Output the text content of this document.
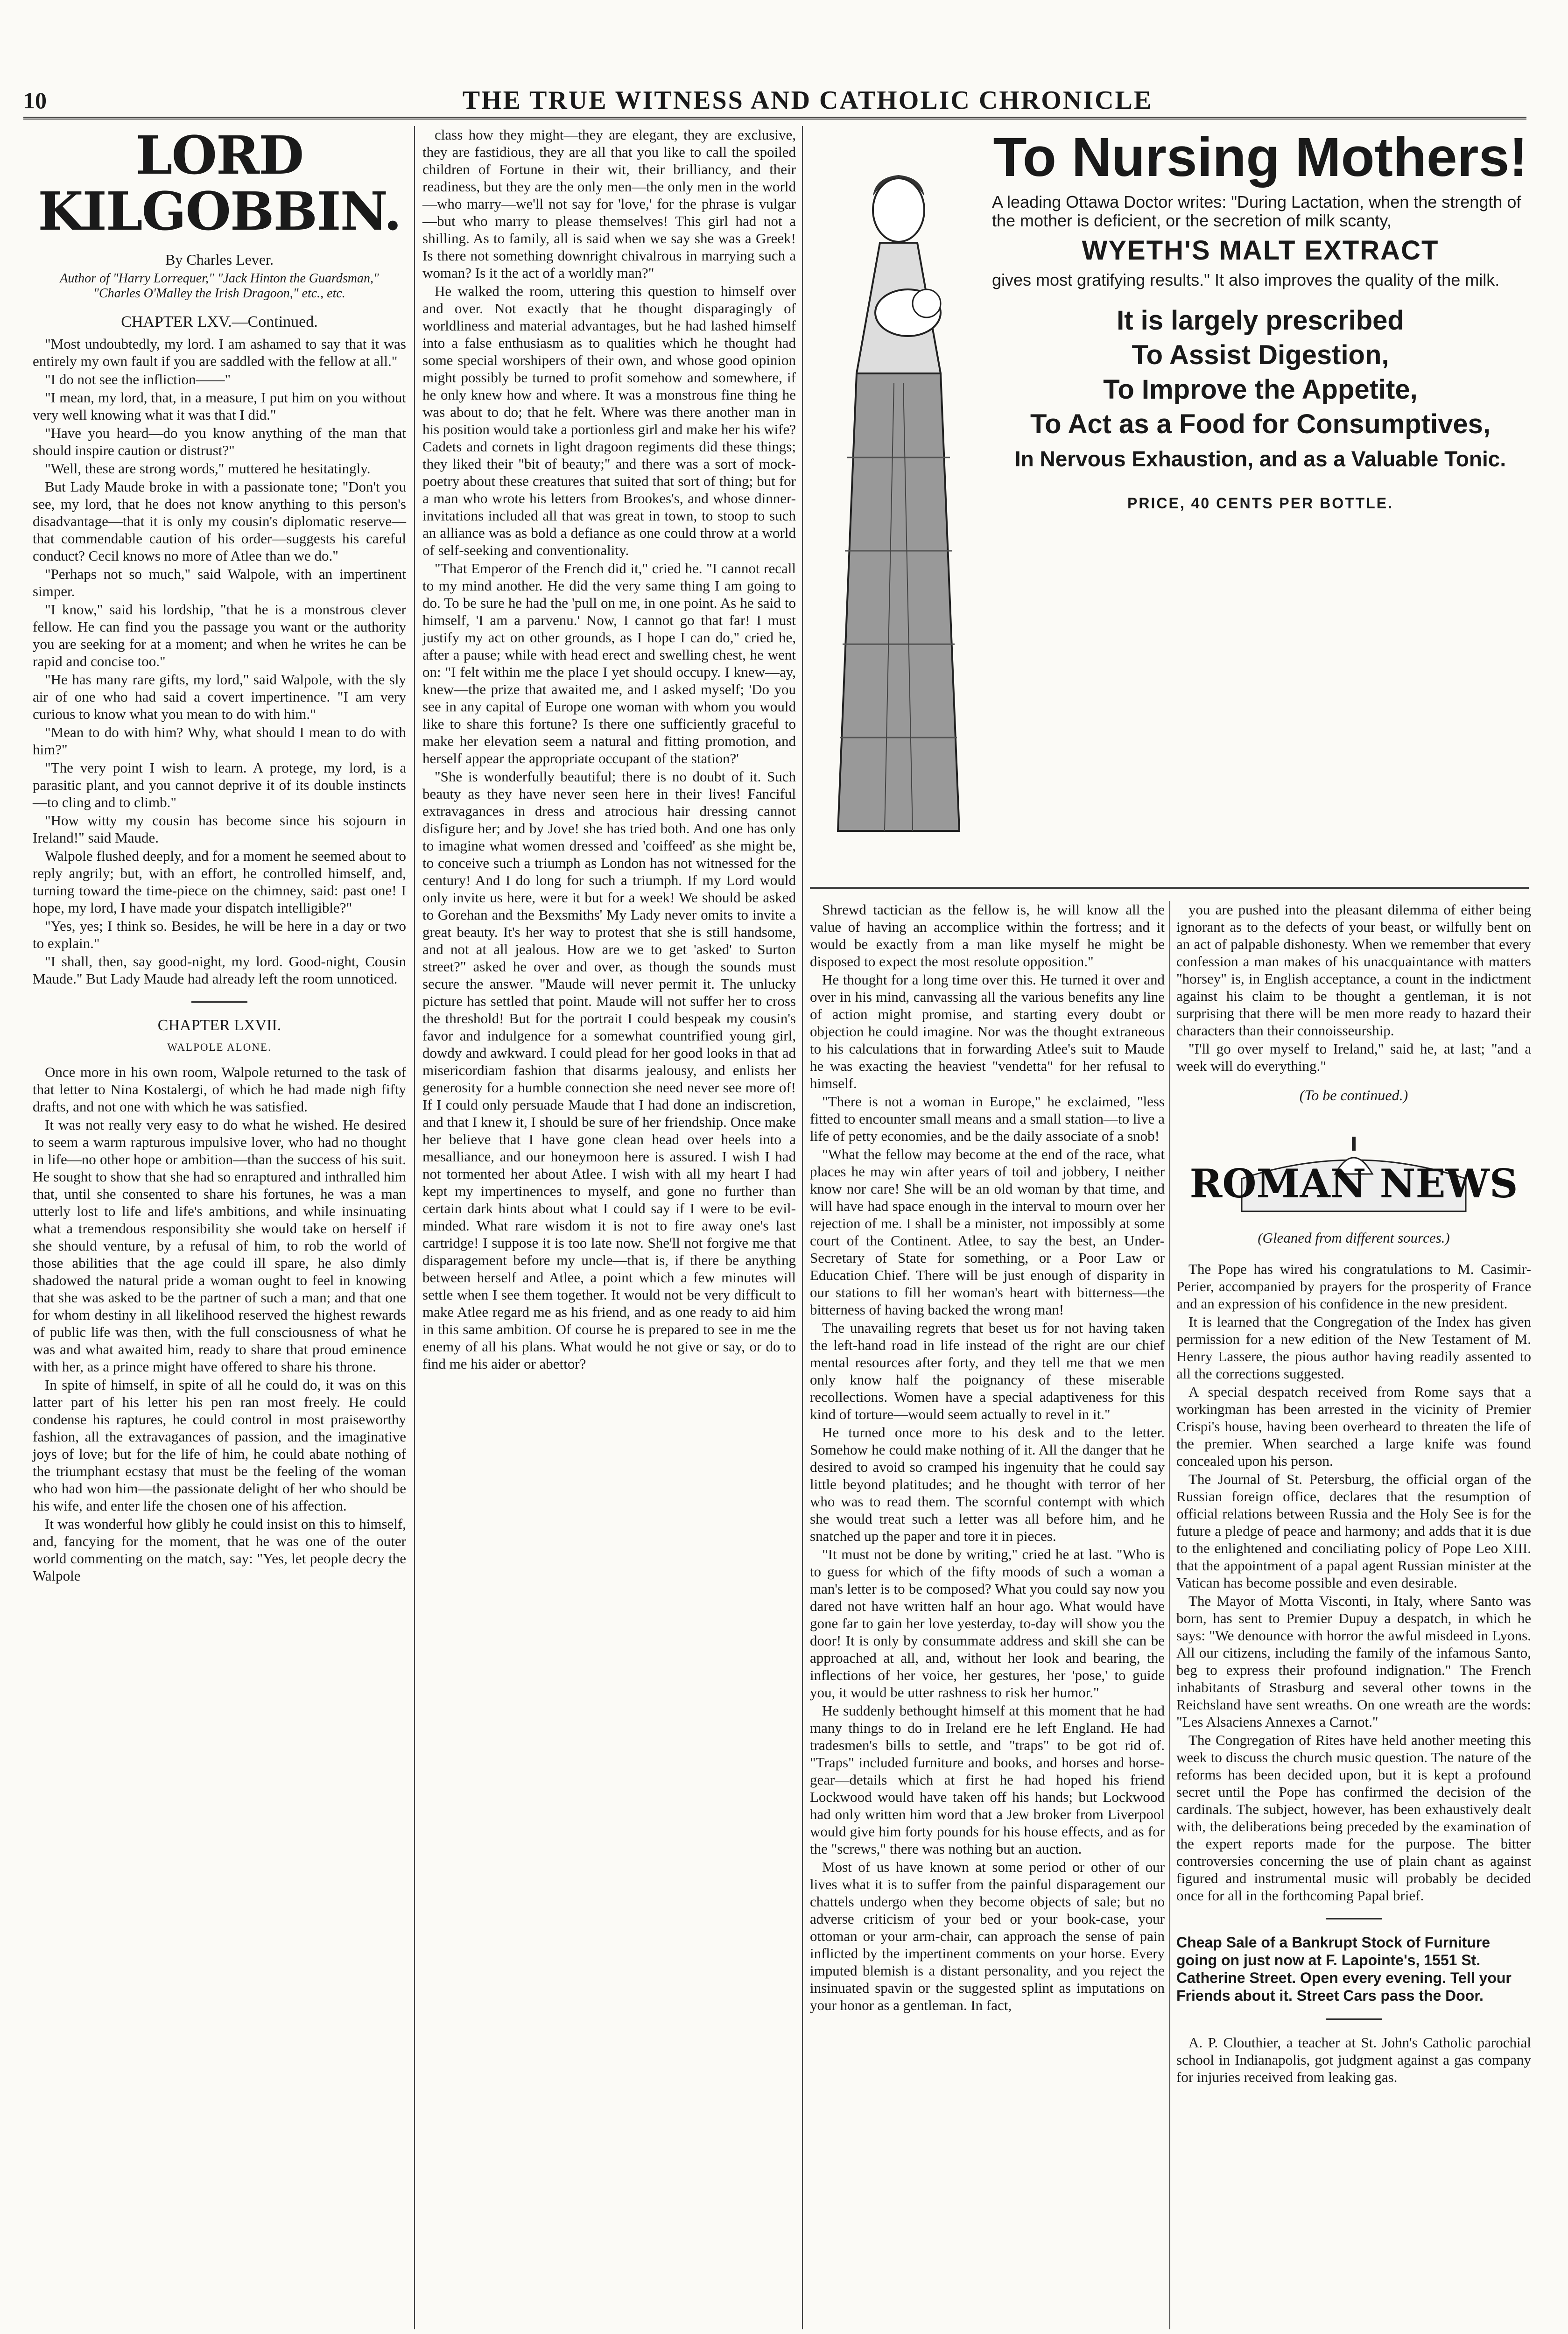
10	THE TRUE WITNESS AND CATHOLIC CHRONICLE
LORD KILGOBBIN.
By Charles Lever.
Author of "Harry Lorrequer," "Jack Hinton the Guardsman," "Charles O'Malley the Irish Dragoon," etc., etc.
CHAPTER LXV.—Continued.

"Most undoubtedly, my lord. I am ashamed to say that it was entirely my own fault if you are saddled with the fellow at all."

"I do not see the infliction——"

"I mean, my lord, that, in a measure, I put him on you without very well knowing what it was that I did."

"Have you heard—do you know anything of the man that should inspire caution or distrust?"

"Well, these are strong words," muttered he hesitatingly.

But Lady Maude broke in with a passionate tone; "Don't you see, my lord, that he does not know anything to this person's disadvantage—that it is only my cousin's diplomatic reserve—that commendable caution of his order—suggests his careful conduct? Cecil knows no more of Atlee than we do."

"Perhaps not so much," said Walpole, with an impertinent simper.

"I know," said his lordship, "that he is a monstrous clever fellow. He can find you the passage you want or the authority you are seeking for at a moment; and when he writes he can be rapid and concise too."

"He has many rare gifts, my lord," said Walpole, with the sly air of one who had said a covert impertinence. "I am very curious to know what you mean to do with him."

"Mean to do with him? Why, what should I mean to do with him?"

"The very point I wish to learn. A protege, my lord, is a parasitic plant, and you cannot deprive it of its double instincts—to cling and to climb."

"How witty my cousin has become since his sojourn in Ireland!" said Maude.

Walpole flushed deeply, and for a moment he seemed about to reply angrily; but, with an effort, he controlled himself, and, turning toward the time-piece on the chimney, said: past one! I hope, my lord, I have made your dispatch intelligible?"

"Yes, yes; I think so. Besides, he will be here in a day or two to explain."

"I shall, then, say good-night, my lord. Good-night, Cousin Maude." But Lady Maude had already left the room unnoticed.

CHAPTER LXVII.
WALPOLE ALONE.

Once more in his own room, Walpole returned to the task of that letter to Nina Kostalergi, of which he had made nigh fifty drafts, and not one with which he was satisfied.

It was not really very easy to do what he wished. He desired to seem a warm rapturous impulsive lover, who had no thought in life—no other hope or ambition—than the success of his suit. He sought to show that she had so enraptured and inthralled him that, until she consented to share his fortunes, he was a man utterly lost to life and life's ambitions, and while insinuating what a tremendous responsibility she would take on herself if she should venture, by a refusal of him, to rob the world of those abilities that the age could ill spare, he also dimly shadowed the natural pride a woman ought to feel in knowing that she was asked to be the partner of such a man; and that one for whom destiny in all likelihood reserved the highest rewards of public life was then, with the full consciousness of what he was and what awaited him, ready to share that proud eminence with her, as a prince might have offered to share his throne.

In spite of himself, in spite of all he could do, it was on this latter part of his letter his pen ran most freely. He could condense his raptures, he could control in most praiseworthy fashion, all the extravagances of passion, and the imaginative joys of love; but for the life of him, he could abate nothing of the triumphant ecstasy that must be the feeling of the woman who had won him—the passionate delight of her who should be his wife, and enter life the chosen one of his affection.

It was wonderful how glibly he could insist on this to himself, and, fancying for the moment, that he was one of the outer world commenting on the match, say: "Yes, let people decry the Walpole

class how they might—they are elegant, they are exclusive, they are fastidious, they are all that you like to call the spoiled children of Fortune in their wit, their brilliancy, and their readiness, but they are the only men—the only men in the world—who marry—we'll not say for 'love,' for the phrase is vulgar—but who marry to please themselves! This girl had not a shilling. As to family, all is said when we say she was a Greek! Is there not something downright chivalrous in marrying such a woman? Is it the act of a worldly man?"

He walked the room, uttering this question to himself over and over. Not exactly that he thought disparagingly of worldliness and material advantages, but he had lashed himself into a false enthusiasm as to qualities which he thought had some special worshipers of their own, and whose good opinion might possibly be turned to profit somehow and somewhere, if he only knew how and where. It was a monstrous fine thing he was about to do; that he felt. Where was there another man in his position would take a portionless girl and make her his wife? Cadets and cornets in light dragoon regiments did these things; they liked their "bit of beauty;" and there was a sort of mock-poetry about these creatures that suited that sort of thing; but for a man who wrote his letters from Brookes's, and whose dinner-invitations included all that was great in town, to stoop to such an alliance was as bold a defiance as one could throw at a world of self-seeking and conventionality.

"That Emperor of the French did it," cried he. "I cannot recall to my mind another. He did the very same thing I am going to do. To be sure he had the 'pull on me, in one point. As he said to himself, 'I am a parvenu.' Now, I cannot go that far! I must justify my act on other grounds, as I hope I can do," cried he, after a pause; while with head erect and swelling chest, he went on: "I felt within me the place I yet should occupy. I knew—ay, knew—the prize that awaited me, and I asked myself; 'Do you see in any capital of Europe one woman with whom you would like to share this fortune? Is there one sufficiently graceful to make her elevation seem a natural and fitting promotion, and herself appear the appropriate occupant of the station?'

"She is wonderfully beautiful; there is no doubt of it. Such beauty as they have never seen here in their lives! Fanciful extravagances in dress and atrocious hair dressing cannot disfigure her; and by Jove! she has tried both. And one has only to imagine what women dressed and 'coiffeed' as she might be, to conceive such a triumph as London has not witnessed for the century! And I do long for such a triumph. If my Lord would only invite us here, were it but for a week! We should be asked to Gorehan and the Bexsmiths' My Lady never omits to invite a great beauty. It's her way to protest that she is still handsome, and not at all jealous. How are we to get 'asked' to Surton street?" asked he over and over, as though the sounds must secure the answer. "Maude will never permit it. The unlucky picture has settled that point. Maude will not suffer her to cross the threshold! But for the portrait I could bespeak my cousin's favor and indulgence for a somewhat countrified young girl, dowdy and awkward. I could plead for her good looks in that ad misericordiam fashion that disarms jealousy, and enlists her generosity for a humble connection she need never see more of! If I could only persuade Maude that I had done an indiscretion, and that I knew it, I should be sure of her friendship. Once make her believe that I have gone clean head over heels into a mesalliance, and our honeymoon here is assured. I wish I had not tormented her about Atlee. I wish with all my heart I had kept my impertinences to myself, and gone no further than certain dark hints about what I could say if I were to be evil-minded. What rare wisdom it is not to fire away one's last cartridge! I suppose it is too late now. She'll not forgive me that disparagement before my uncle—that is, if there be anything between herself and Atlee, a point which a few minutes will settle when I see them together. It would not be very difficult to make Atlee regard me as his friend, and as one ready to aid him in this same ambition. Of course he is prepared to see in me the enemy of all his plans. What would he not give or say, or do to find me his aider or abettor?

To Nursing Mothers!
A leading Ottawa Doctor writes: "During Lactation, when the strength of the mother is deficient, or the secretion of milk scanty,
WYETH'S MALT EXTRACT
gives most gratifying results." It also improves the quality of the milk.
It is largely prescribed
To Assist Digestion,
To Improve the Appetite,
To Act as a Food for Consumptives,
In Nervous Exhaustion, and as a Valuable Tonic.
PRICE, 40 CENTS PER BOTTLE.

Shrewd tactician as the fellow is, he will know all the value of having an accomplice within the fortress; and it would be exactly from a man like myself he might be disposed to expect the most resolute opposition."

He thought for a long time over this. He turned it over and over in his mind, canvassing all the various benefits any line of action might promise, and starting every doubt or objection he could imagine. Nor was the thought extraneous to his calculations that in forwarding Atlee's suit to Maude he was exacting the heaviest "vendetta" for her refusal to himself.

"There is not a woman in Europe," he exclaimed, "less fitted to encounter small means and a small station—to live a life of petty economies, and be the daily associate of a snob!

"What the fellow may become at the end of the race, what places he may win after years of toil and jobbery, I neither know nor care! She will be an old woman by that time, and will have had space enough in the interval to mourn over her rejection of me. I shall be a minister, not impossibly at some court of the Continent. Atlee, to say the best, an Under-Secretary of State for something, or a Poor Law or Education Chief. There will be just enough of disparity in our stations to fill her woman's heart with bitterness—the bitterness of having backed the wrong man!

The unavailing regrets that beset us for not having taken the left-hand road in life instead of the right are our chief mental resources after forty, and they tell me that we men only know half the poignancy of these miserable recollections. Women have a special adaptiveness for this kind of torture—would seem actually to revel in it."

He turned once more to his desk and to the letter. Somehow he could make nothing of it. All the danger that he desired to avoid so cramped his ingenuity that he could say little beyond platitudes; and he thought with terror of her who was to read them. The scornful contempt with which she would treat such a letter was all before him, and he snatched up the paper and tore it in pieces.

"It must not be done by writing," cried he at last. "Who is to guess for which of the fifty moods of such a woman a man's letter is to be composed? What you could say now you dared not have written half an hour ago. What would have gone far to gain her love yesterday, to-day will show you the door! It is only by consummate address and skill she can be approached at all, and, without her look and bearing, the inflections of her voice, her gestures, her 'pose,' to guide you, it would be utter rashness to risk her humor."

He suddenly bethought himself at this moment that he had many things to do in Ireland ere he left England. He had tradesmen's bills to settle, and "traps" to be got rid of. "Traps" included furniture and books, and horses and horse-gear—details which at first he had hoped his friend Lockwood would have taken off his hands; but Lockwood had only written him word that a Jew broker from Liverpool would give him forty pounds for his house effects, and as for the "screws," there was nothing but an auction.

Most of us have known at some period or other of our lives what it is to suffer from the painful disparagement our chattels undergo when they become objects of sale; but no adverse criticism of your bed or your book-case, your ottoman or your arm-chair, can approach the sense of pain inflicted by the impertinent comments on your horse. Every imputed blemish is a distant personality, and you reject the insinuated spavin or the suggested splint as imputations on your honor as a gentleman. In fact,

you are pushed into the pleasant dilemma of either being ignorant as to the defects of your beast, or wilfully bent on an act of palpable dishonesty. When we remember that every confession a man makes of his unacquaintance with matters "horsey" is, in English acceptance, a count in the indictment against his claim to be thought a gentleman, it is not surprising that there will be men more ready to hazard their characters than their connoisseurship.

"I'll go over myself to Ireland," said he, at last; "and a week will do everything."

(To be continued.)
ROMAN NEWS
(Gleaned from different sources.)

The Pope has wired his congratulations to M. Casimir-Perier, accompanied by prayers for the prosperity of France and an expression of his confidence in the new president.

It is learned that the Congregation of the Index has given permission for a new edition of the New Testament of M. Henry Lassere, the pious author having readily assented to all the corrections suggested.

A special despatch received from Rome says that a workingman has been arrested in the vicinity of Premier Crispi's house, having been overheard to threaten the life of the premier. When searched a large knife was found concealed upon his person.

The Journal of St. Petersburg, the official organ of the Russian foreign office, declares that the resumption of official relations between Russia and the Holy See is for the future a pledge of peace and harmony; and adds that it is due to the enlightened and conciliating policy of Pope Leo XIII. that the appointment of a papal agent Russian minister at the Vatican has become possible and even desirable.

The Mayor of Motta Visconti, in Italy, where Santo was born, has sent to Premier Dupuy a despatch, in which he says: "We denounce with horror the awful misdeed in Lyons. All our citizens, including the family of the infamous Santo, beg to express their profound indignation." The French inhabitants of Strasburg and several other towns in the Reichsland have sent wreaths. On one wreath are the words: "Les Alsaciens Annexes a Carnot."

The Congregation of Rites have held another meeting this week to discuss the church music question. The nature of the reforms has been decided upon, but it is kept a profound secret until the Pope has confirmed the decision of the cardinals. The subject, however, has been exhaustively dealt with, the deliberations being preceded by the examination of the expert reports made for the purpose. The bitter controversies concerning the use of plain chant as against figured and instrumental music will probably be decided once for all in the forthcoming Papal brief.

Cheap Sale of a Bankrupt Stock of Furniture going on just now at F. Lapointe's, 1551 St. Catherine Street. Open every evening. Tell your Friends about it. Street Cars pass the Door.

A. P. Clouthier, a teacher at St. John's Catholic parochial school in Indianapolis, got judgment against a gas company for injuries received from leaking gas.
